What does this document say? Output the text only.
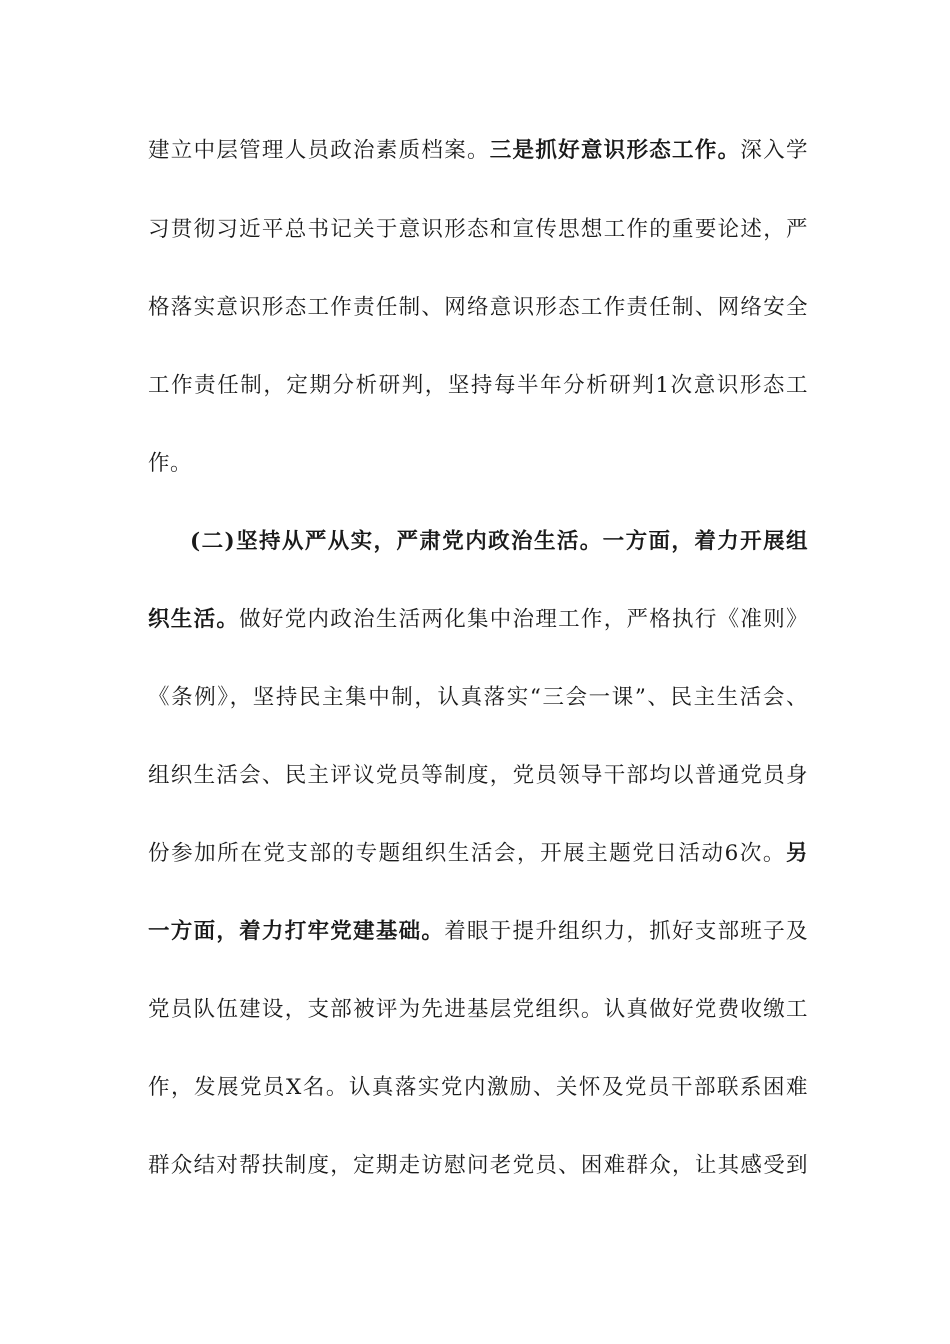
建立中层管理人员政治素质档案。三是抓好意识形态工作。深入学
习贯彻习近平总书记关于意识形态和宣传思想工作的重要论述，严
格落实意识形态工作责任制、网络意识形态工作责任制、网络安全
工作责任制，定期分析研判，坚持每半年分析研判1次意识形态工
作。
(二)坚持从严从实，严肃党内政治生活。一方面，着力开展组
织生活。做好党内政治生活两化集中治理工作，严格执行《准则》
《条例》，坚持民主集中制，认真落实“三会一课”、民主生活会、
组织生活会、民主评议党员等制度，党员领导干部均以普通党员身
份参加所在党支部的专题组织生活会，开展主题党日活动6次。另
一方面，着力打牢党建基础。着眼于提升组织力，抓好支部班子及
党员队伍建设，支部被评为先进基层党组织。认真做好党费收缴工
作，发展党员X名。认真落实党内激励、关怀及党员干部联系困难
群众结对帮扶制度，定期走访慰问老党员、困难群众，让其感受到
